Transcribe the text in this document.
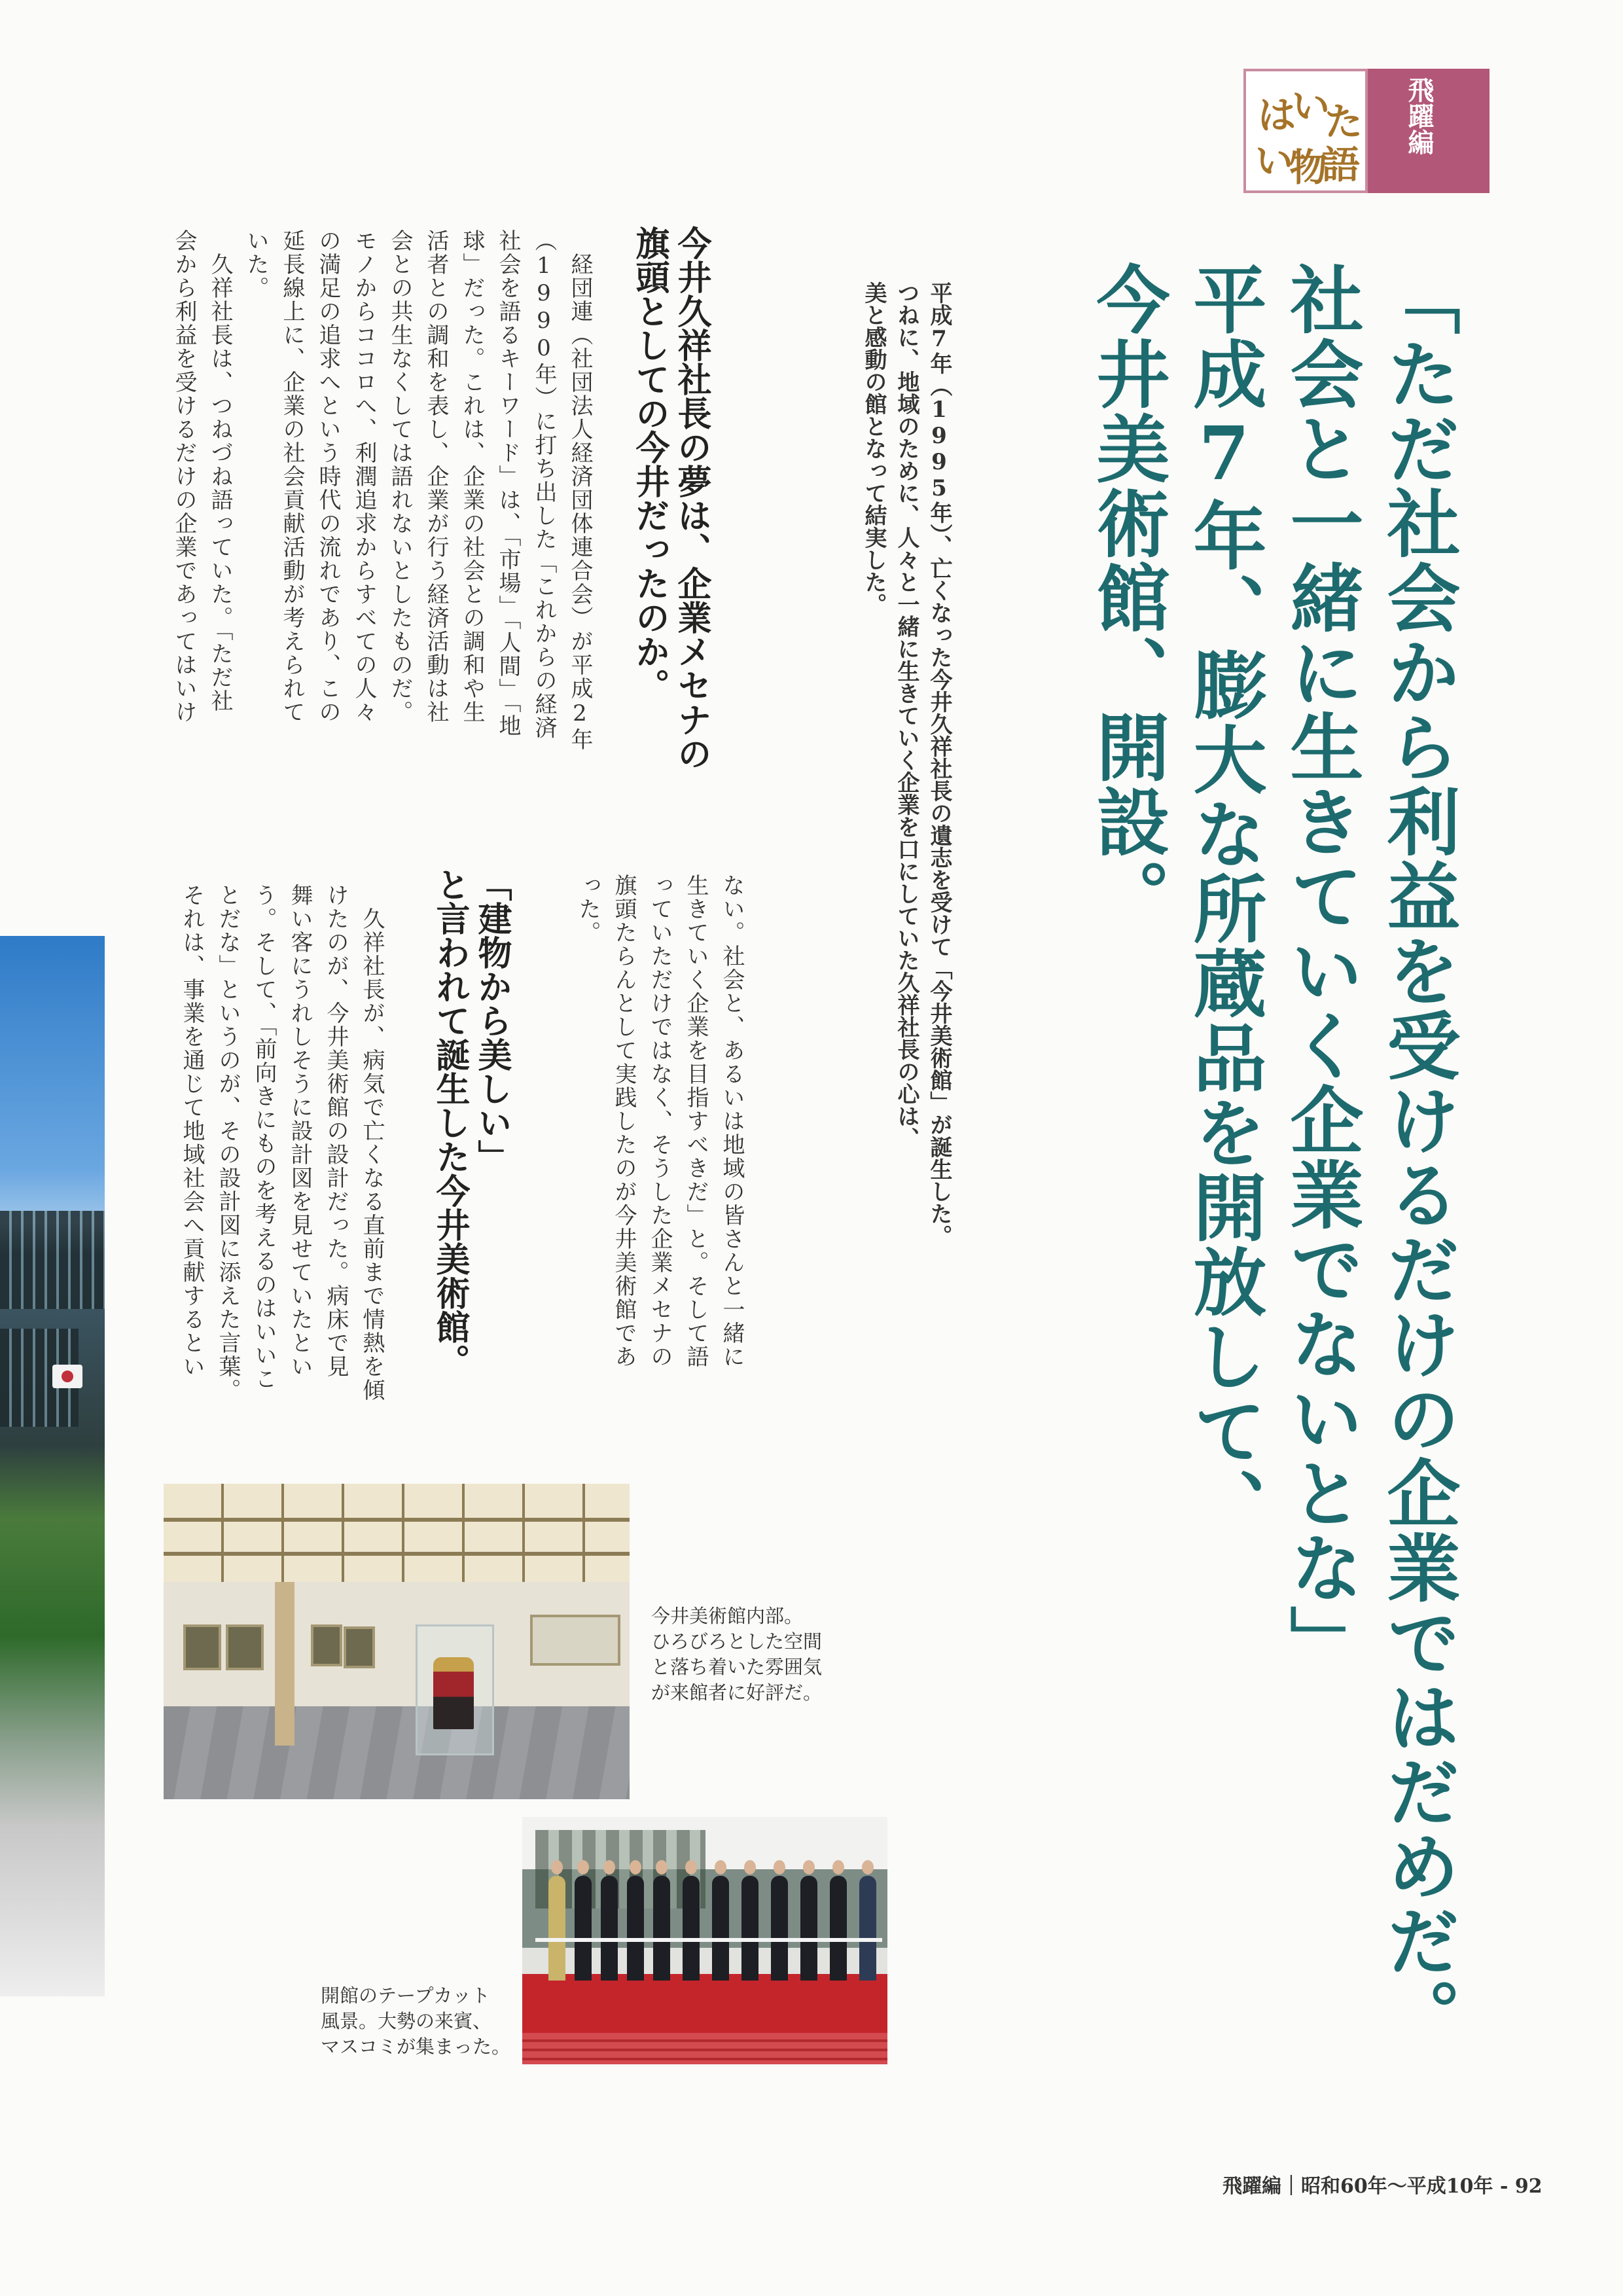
は
い
た
い
物
語
飛躍編
「ただ社会から利益を受けるだけの企業ではだめだ。
社会と一緒に生きていく企業でないとな」
平成7年、膨大な所蔵品を開放して、
今井美術館、開設。
平成7年（1995年）、亡くなった今井久祥社長の遺志を受けて「今井美術館」が誕生した。
つねに、地域のために、人々と一緒に生きていく企業を口にしていた久祥社長の心は、
美と感動の館となって結実した。
今井久祥社長の夢は、企業メセナの
旗頭としての今井だったのか。
　経団連（社団法人経済団体連合会）が平成2年
（1990年）に打ち出した「これからの経済
社会を語るキーワード」は、「市場」「人間」「地
球」だった。これは、企業の社会との調和や生
活者との調和を表し、企業が行う経済活動は社
会との共生なくしては語れないとしたものだ。
モノからココロへ、利潤追求からすべての人々
の満足の追求へという時代の流れであり、この
延長線上に、企業の社会貢献活動が考えられて
いた。
　久祥社長は、つねづね語っていた。「ただ社
会から利益を受けるだけの企業であってはいけ
ない。社会と、あるいは地域の皆さんと一緒に
生きていく企業を目指すべきだ」と。そして語
っていただけではなく、そうした企業メセナの
旗頭たらんとして実践したのが今井美術館であ
った。
「建物から美しい」
と言われて誕生した今井美術館。
　久祥社長が、病気で亡くなる直前まで情熱を傾
けたのが、今井美術館の設計だった。病床で見
舞い客にうれしそうに設計図を見せていたとい
う。そして、「前向きにものを考えるのはいいこ
とだな」というのが、その設計図に添えた言葉。
それは、事業を通じて地域社会へ貢献するとい
今井美術館内部。
ひろびろとした空間
と落ち着いた雰囲気
が来館者に好評だ。
開館のテープカット
風景。大勢の来賓、
マスコミが集まった。
飛躍編｜昭和60年～平成10年 - 92
